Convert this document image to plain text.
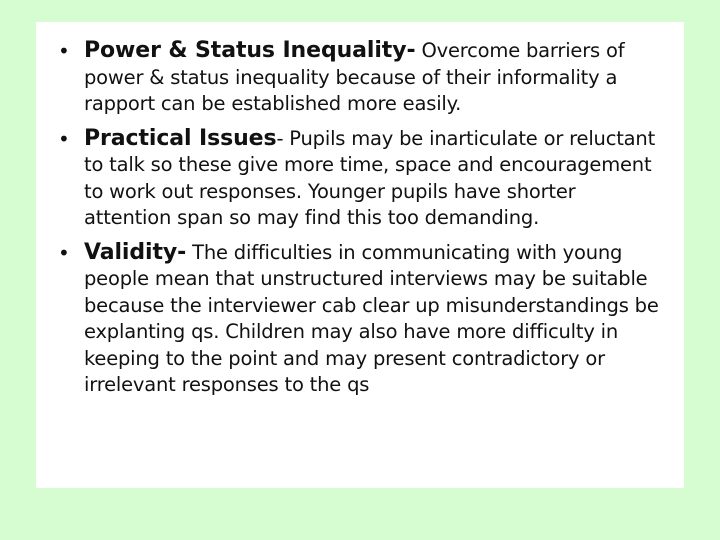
• Power & Status Inequality- Overcome barriers of power & status inequality because of their informality a rapport can be established more easily.
• Practical Issues- Pupils may be inarticulate or reluctant to talk so these give more time, space and encouragement to work out responses. Younger pupils have shorter attention span so may find this too demanding.
• Validity- The difficulties in communicating with young people mean that unstructured interviews may be suitable because the interviewer cab clear up misunderstandings be explanting qs. Children may also have more difficulty in keeping to the point and may present contradictory or irrelevant responses to the qs
